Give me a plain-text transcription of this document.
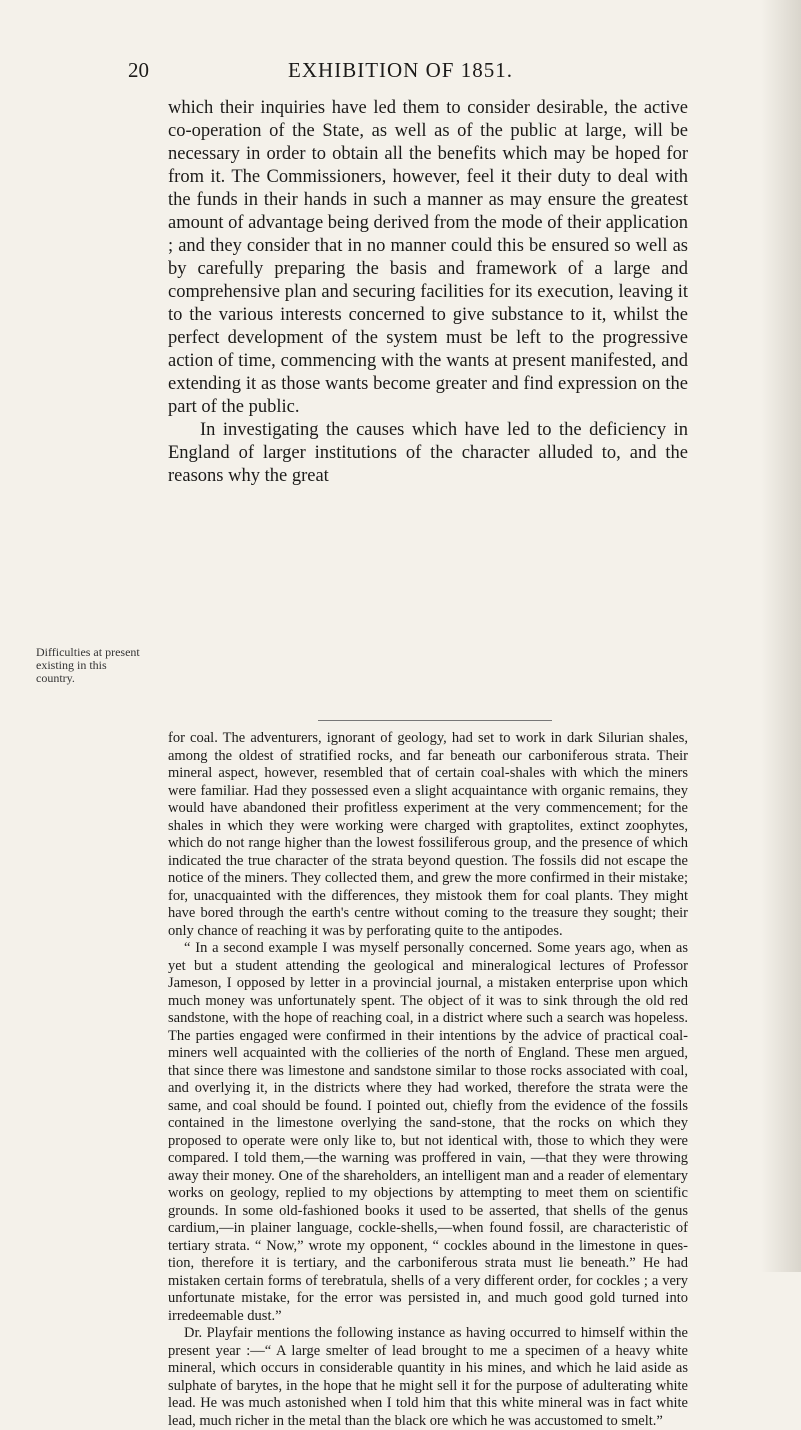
20	EXHIBITION OF 1851.

which their inquiries have led them to consider desirable, the active co-operation of the State, as well as of the public at large, will be necessary in order to obtain all the benefits which may be hoped for from it. The Commissioners, however, feel it their duty to deal with the funds in their hands in such a manner as may ensure the greatest amount of advantage being derived from the mode of their application ; and they consider that in no manner could this be ensured so well as by carefully preparing the basis and framework of a large and comprehensive plan and securing facilities for its execution, leaving it to the various interests concerned to give substance to it, whilst the perfect development of the system must be left to the progressive action of time, commencing with the wants at present manifested, and extending it as those wants become greater and find expression on the part of the public.

In investigating the causes which have led to the deficiency in England of larger institutions of the character alluded to, and the reasons why the great

Difficulties at present existing in this country.

for coal. The adventurers, ignorant of geology, had set to work in dark Silurian shales, among the oldest of stratified rocks, and far beneath our carboniferous strata. Their mineral aspect, however, resembled that of certain coal-shales with which the miners were familiar. Had they possessed even a slight acquaintance with organic remains, they would have abandoned their profitless experiment at the very commencement; for the shales in which they were working were charged with graptolites, extinct zoophytes, which do not range higher than the lowest fossiliferous group, and the presence of which indicated the true character of the strata beyond question. The fossils did not escape the notice of the miners. They collected them, and grew the more confirmed in their mistake; for, unacquainted with the differences, they mistook them for coal plants. They might have bored through the earth's centre without coming to the treasure they sought; their only chance of reaching it was by perforating quite to the antipodes.

“ In a second example I was myself personally concerned. Some years ago, when as yet but a student attending the geological and mineralogical lectures of Professor Jameson, I opposed by letter in a provincial journal, a mistaken enterprise upon which much money was unfortunately spent. The object of it was to sink through the old red sandstone, with the hope of reaching coal, in a district where such a search was hopeless. The parties engaged were confirmed in their intentions by the advice of practical coal-miners well acquainted with the collieries of the north of England. These men argued, that since there was limestone and sandstone similar to those rocks associated with coal, and overlying it, in the districts where they had worked, therefore the strata were the same, and coal should be found. I pointed out, chiefly from the evidence of the fossils contained in the limestone overlying the sand-stone, that the rocks on which they proposed to operate were only like to, but not identical with, those to which they were compared. I told them,—the warning was proffered in vain, —that they were throwing away their money. One of the shareholders, an intelligent man and a reader of elementary works on geology, replied to my objections by attempting to meet them on scientific grounds. In some old-fashioned books it used to be asserted, that shells of the genus cardium,—in plainer language, cockle-shells,—when found fossil, are characteristic of tertiary strata. “ Now,” wrote my opponent, “ cockles abound in the limestone in ques-tion, therefore it is tertiary, and the carboniferous strata must lie beneath.” He had mistaken certain forms of terebratula, shells of a very different order, for cockles ; a very unfortunate mistake, for the error was persisted in, and much good gold turned into irredeemable dust.”

Dr. Playfair mentions the following instance as having occurred to himself within the present year :—“ A large smelter of lead brought to me a specimen of a heavy white mineral, which occurs in considerable quantity in his mines, and which he laid aside as sulphate of barytes, in the hope that he might sell it for the purpose of adulterating white lead. He was much astonished when I told him that this white mineral was in fact white lead, much richer in the metal than the black ore which he was accustomed to smelt.”
